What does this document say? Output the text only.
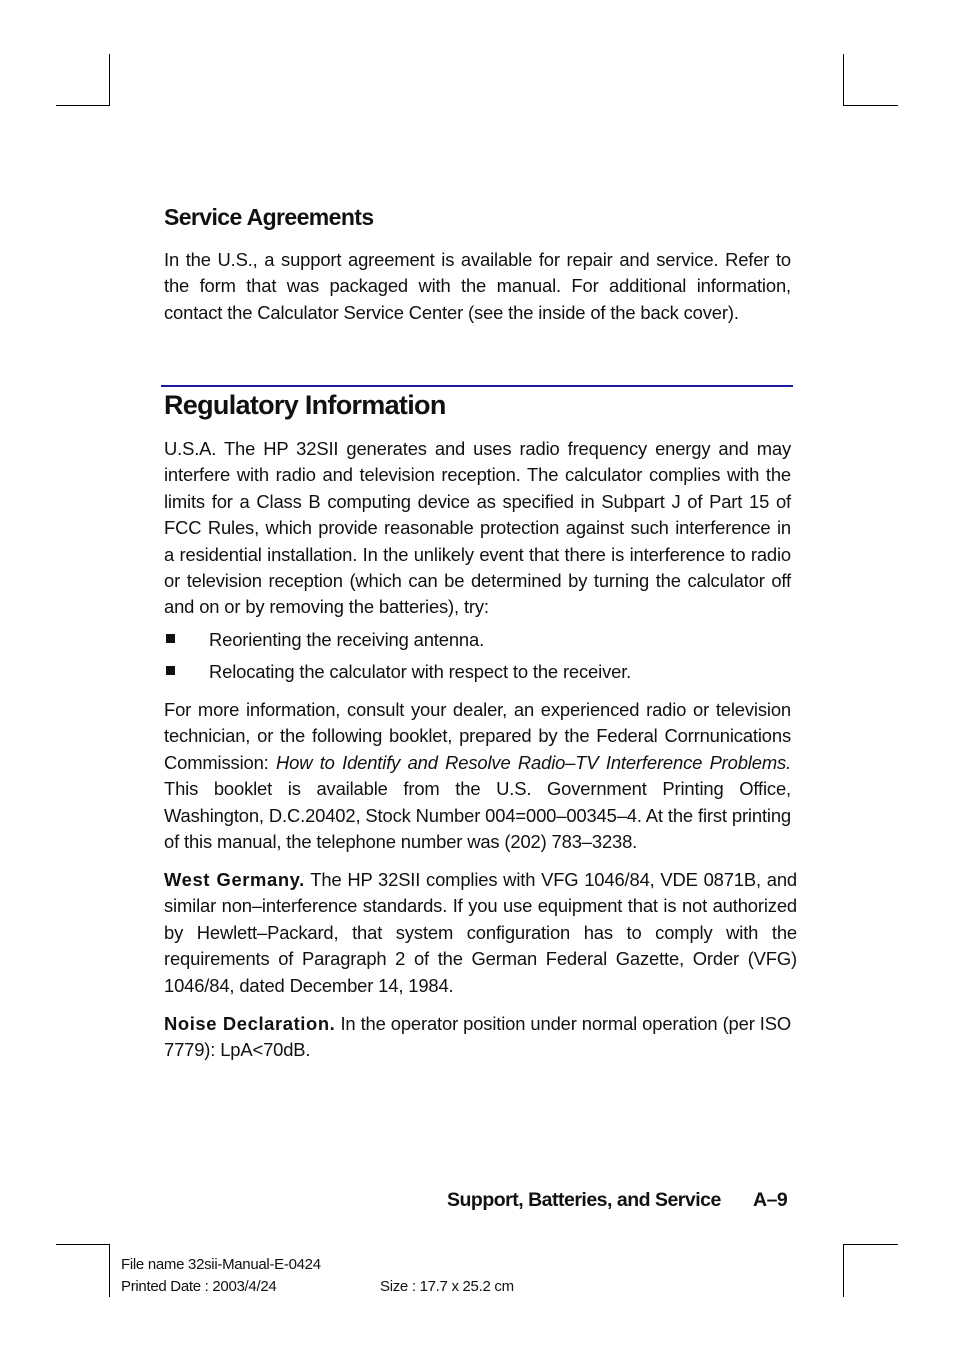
Service Agreements

In the U.S., a support agreement is available for repair and service. Refer to the form that was packaged with the manual. For additional information, contact the Calculator Service Center (see the inside of the back cover).

Regulatory Information

U.S.A. The HP 32SII generates and uses radio frequency energy and may interfere with radio and television reception. The calculator complies with the limits for a Class B computing device as specified in Subpart J of Part 15 of FCC Rules, which provide reasonable protection against such interference in a residential installation. In the unlikely event that there is interference to radio or television reception (which can be determined by turning the calculator off and on or by removing the batteries), try:

Reorienting the receiving antenna.
Relocating the calculator with respect to the receiver.

For more information, consult your dealer, an experienced radio or television technician, or the following booklet, prepared by the Federal Corrnunications Commission: How to Identify and Resolve Radio–TV Interference Problems. This booklet is available from the U.S. Government Printing Office, Washington, D.C.20402, Stock Number 004=000–00345–4. At the first printing of this manual, the telephone number was (202) 783–3238.

West Germany. The HP 32SII complies with VFG 1046/84, VDE 0871B, and similar non–interference standards. If you use equipment that is not authorized by Hewlett–Packard, that system configuration has to comply with the requirements of Paragraph 2 of the German Federal Gazette, Order (VFG) 1046/84, dated December 14, 1984.

Noise Declaration. In the operator position under normal operation (per ISO 7779): LpA<70dB.

Support, Batteries, and Service A–9
File name 32sii-Manual-E-0424
Printed Date : 2003/4/24	Size : 17.7 x 25.2 cm
